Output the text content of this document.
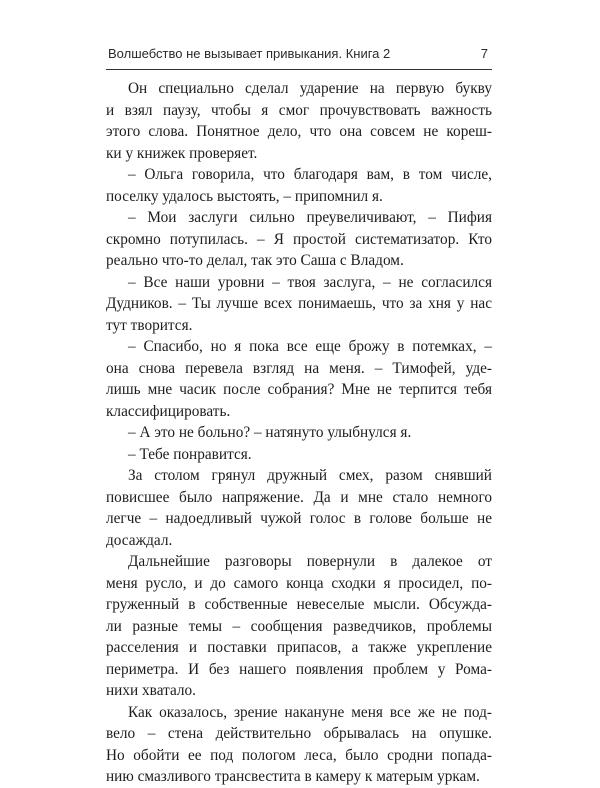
Волшебство не вызывает привыкания. Книга 2	7

Он специально сделал ударение на первую букву
и взял паузу, чтобы я смог прочувствовать важность
этого слова. Понятное дело, что она совсем не кореш-
ки у книжек проверяет.

– Ольга говорила, что благодаря вам, в том числе,
поселку удалось выстоять, – припомнил я.

– Мои заслуги сильно преувеличивают, – Пифия
скромно потупилась. – Я простой систематизатор. Кто
реально что-то делал, так это Саша с Владом.

– Все наши уровни – твоя заслуга, – не согласился
Дудников. – Ты лучше всех понимаешь, что за хня у нас
тут творится.

– Спасибо, но я пока все еще брожу в потемках, –
она снова перевела взгляд на меня. – Тимофей, уде-
лишь мне часик после собрания? Мне не терпится тебя
классифицировать.

– А это не больно? – натянуто улыбнулся я.

– Тебе понравится.

За столом грянул дружный смех, разом снявший
повисшее было напряжение. Да и мне стало немного
легче – надоедливый чужой голос в голове больше не
досаждал.

Дальнейшие разговоры повернули в далекое от
меня русло, и до самого конца сходки я просидел, по-
груженный в собственные невеселые мысли. Обсужда-
ли разные темы – сообщения разведчиков, проблемы
расселения и поставки припасов, а также укрепление
периметра. И без нашего появления проблем у Рома-
нихи хватало.

Как оказалось, зрение накануне меня все же не под-
вело – стена действительно обрывалась на опушке.
Но обойти ее под пологом леса, было сродни попада-
нию смазливого трансвестита в камеру к матерым уркам.
